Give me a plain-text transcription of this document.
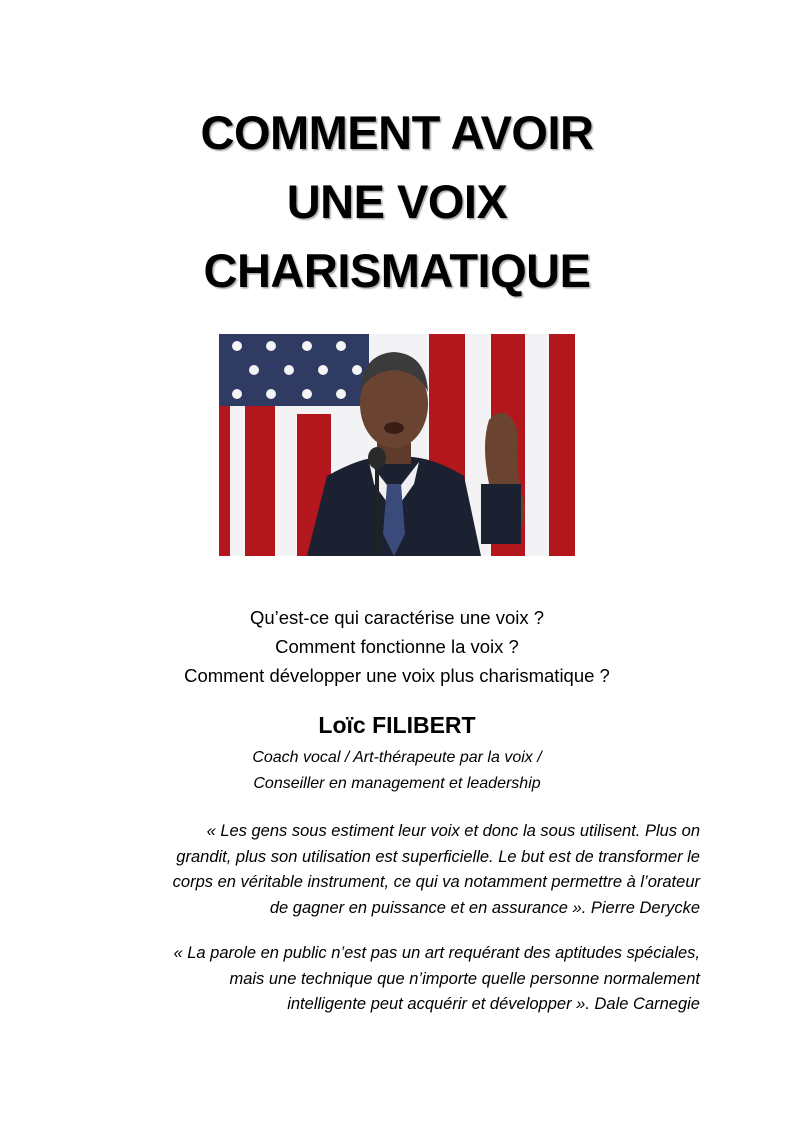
COMMENT AVOIR
UNE VOIX
CHARISMATIQUE
Qu’est-ce qui caractérise une voix ?
Comment fonctionne la voix ?
Comment développer une voix plus charismatique ?
Loïc FILIBERT
Coach vocal / Art-thérapeute par la voix /
Conseiller en management et leadership
« Les gens sous estiment leur voix et donc la sous utilisent. Plus on
grandit, plus son utilisation est superficielle. Le but est de transformer le
corps en véritable instrument, ce qui va notamment permettre à l’orateur
de gagner en puissance et en assurance ». Pierre Derycke
« La parole en public n’est pas un art requérant des aptitudes spéciales,
mais une technique que n’importe quelle personne normalement
intelligente peut acquérir et développer ». Dale Carnegie
